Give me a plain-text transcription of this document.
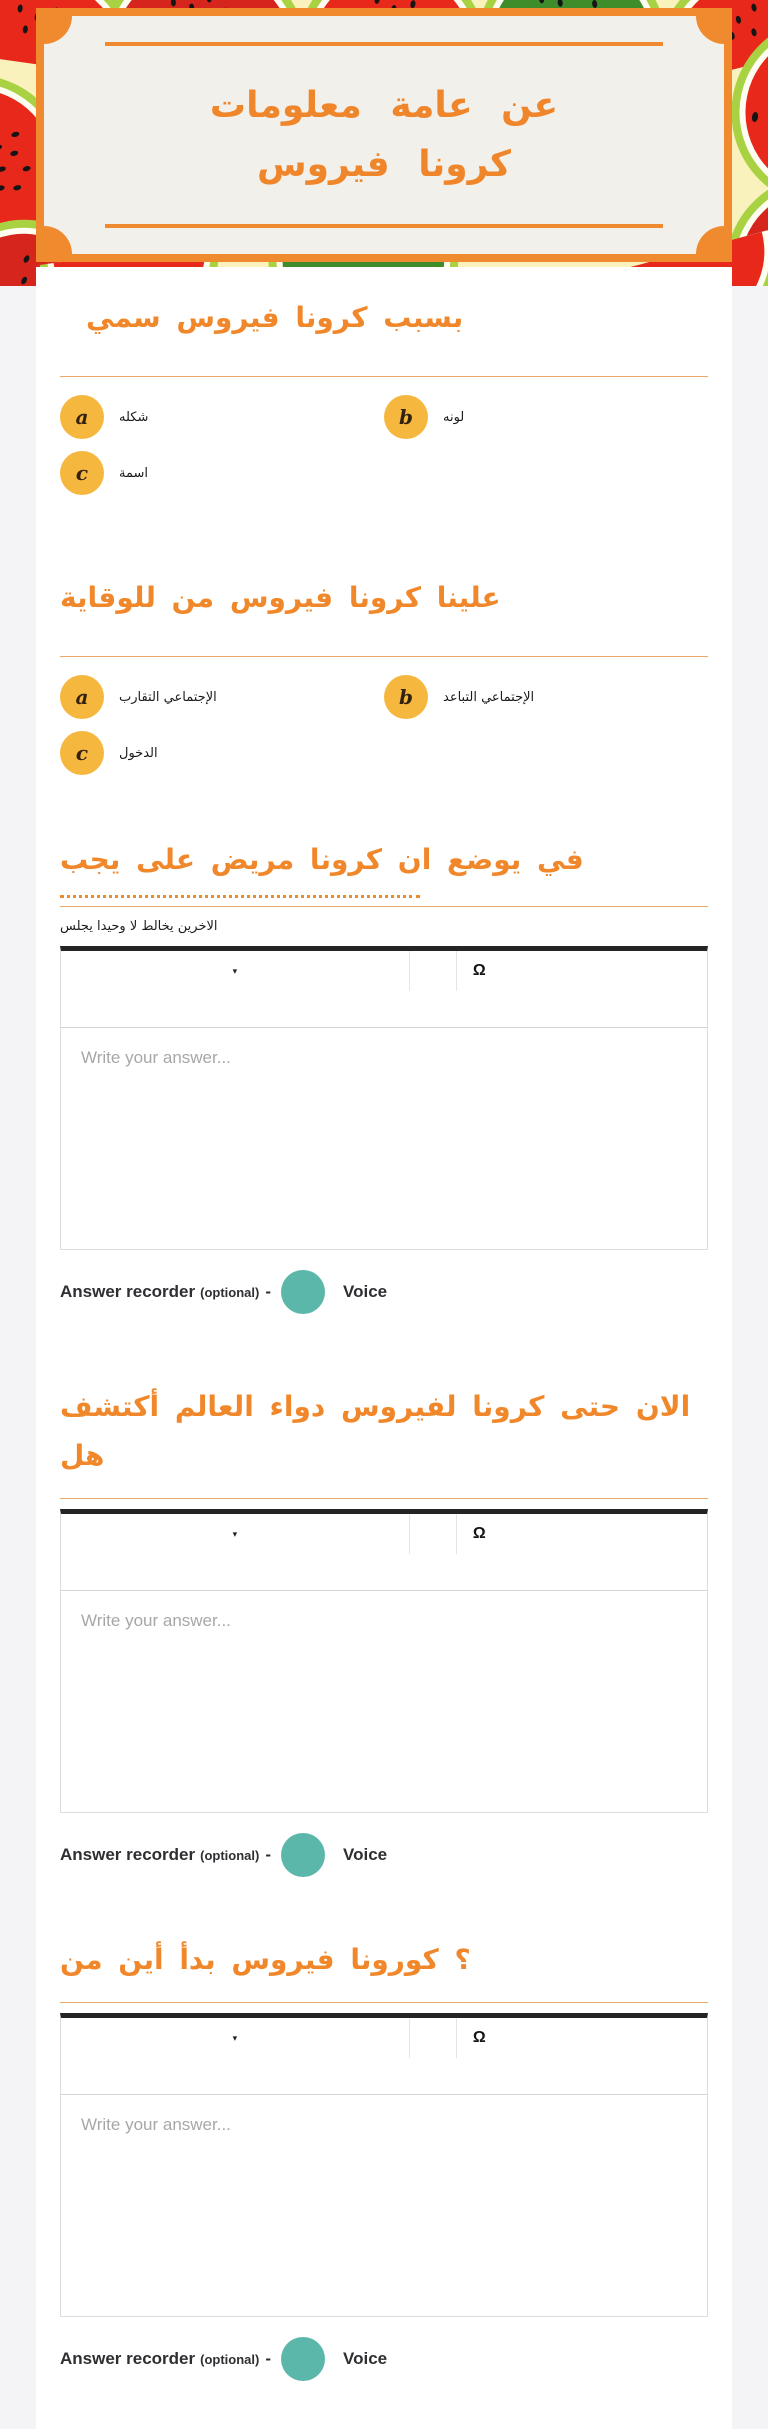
عن عامة معلومات
كرونا فيروس
بسبب كرونا فيروس سمي
a	شكله	b	لونه
c	اسمة
علينا كرونا فيروس من للوقاية
a	الإجتماعي التقارب	b	الإجتماعي التباعد
c	الدخول
في يوضع ان كرونا مريض على يجب
الاخرين يخالط لا وحيدا يجلس
▾	Ω
Write your answer...
Answer recorder (optional) -	Voice
الان حتى كرونا لفيروس دواء العالم أكتشف هل
▾	Ω
Write your answer...
Answer recorder (optional) -	Voice
؟ كورونا فيروس بدأ أين من
▾	Ω
Write your answer...
Answer recorder (optional) -	Voice
